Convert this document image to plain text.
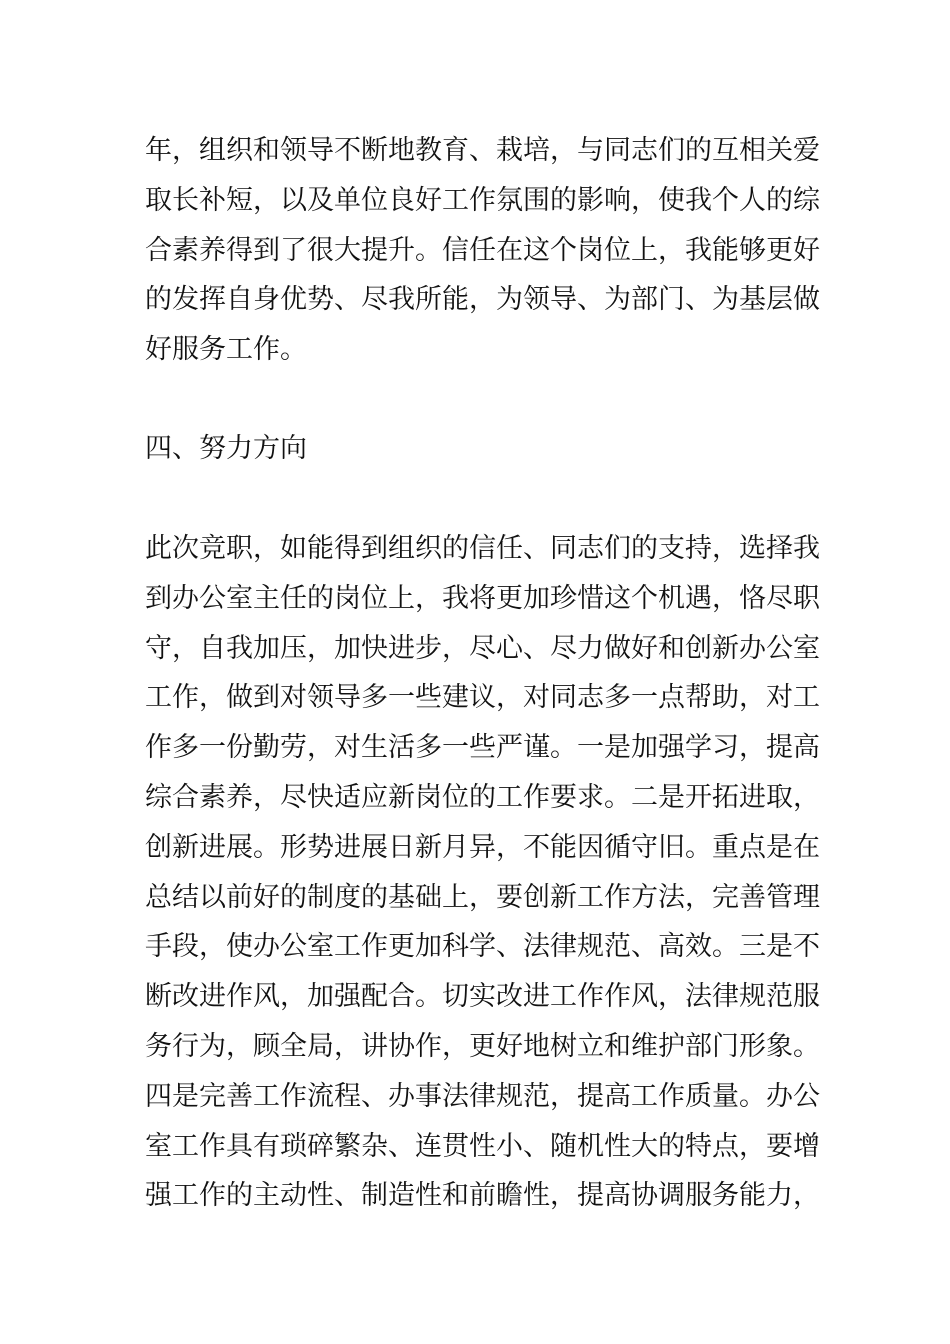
年，组织和领导不断地教育、栽培，与同志们的互相关爱
取长补短，以及单位良好工作氛围的影响，使我个人的综
合素养得到了很大提升。信任在这个岗位上，我能够更好
的发挥自身优势、尽我所能，为领导、为部门、为基层做
好服务工作。
四、努力方向
此次竞职，如能得到组织的信任、同志们的支持，选择我
到办公室主任的岗位上，我将更加珍惜这个机遇，恪尽职
守，自我加压，加快进步，尽心、尽力做好和创新办公室
工作，做到对领导多一些建议，对同志多一点帮助，对工
作多一份勤劳，对生活多一些严谨。一是加强学习，提高
综合素养，尽快适应新岗位的工作要求。二是开拓进取，
创新进展。形势进展日新月异，不能因循守旧。重点是在
总结以前好的制度的基础上，要创新工作方法，完善管理
手段，使办公室工作更加科学、法律规范、高效。三是不
断改进作风，加强配合。切实改进工作作风，法律规范服
务行为，顾全局，讲协作，更好地树立和维护部门形象。
四是完善工作流程、办事法律规范，提高工作质量。办公
室工作具有琐碎繁杂、连贯性小、随机性大的特点，要增
强工作的主动性、制造性和前瞻性，提高协调服务能力，
